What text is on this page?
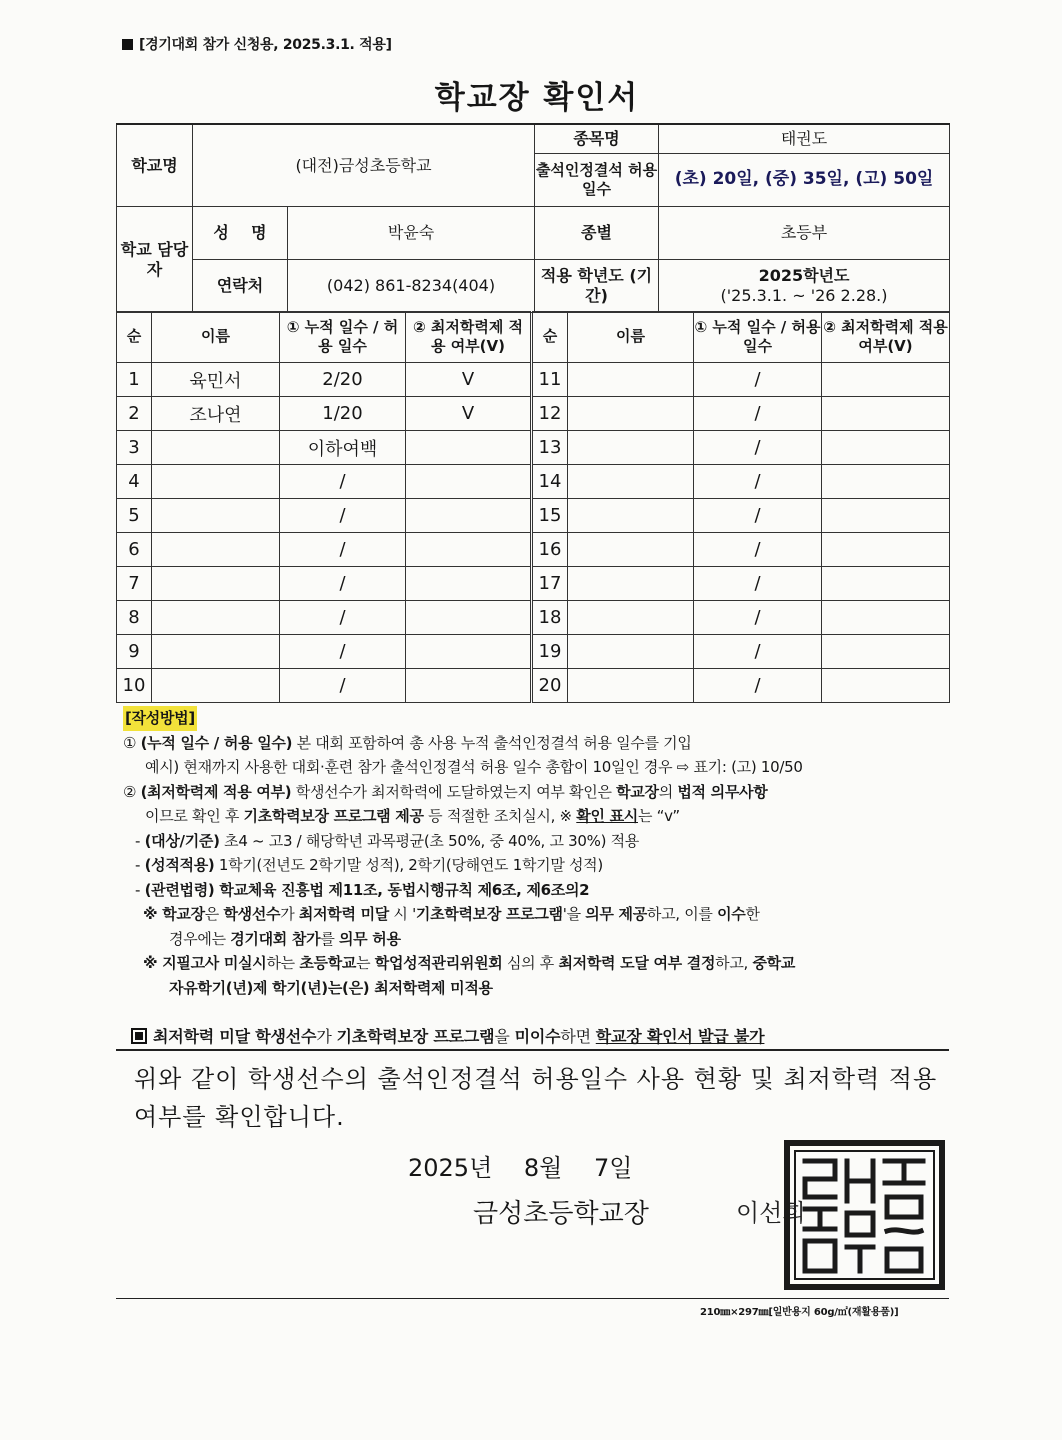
[경기대회 참가 신청용, 2025.3.1. 적용]
학교장 확인서
학교명	(대전)금성초등학교		종목명	태권도
			출석인정결석 허용 일수	(초) 20일, (중) 35일, (고) 50일
학교 담당자	성    명	박윤숙	종별	초등부
	연락처	(042) 861-8234(404)	적용 학년도 (기간)	2025학년도
('25.3.1. ~ '26 2.28.)
순	이름	① 누적 일수 / 허용 일수	② 최저학력제 적용 여부(V)	순	이름	① 누적 일수 / 허용 일수	② 최저학력제 적용 여부(V)
1	육민서	2/20	V	11		/	
2	조나연	1/20	V	12		/	
3		이하여백		13		/	
4		/		14		/	
5		/		15		/	
6		/		16		/	
7		/		17		/	
8		/		18		/	
9		/		19		/	
10		/		20		/	
[작성방법]
① (누적 일수 / 허용 일수) 본 대회 포함하여 총 사용 누적 출석인정결석 허용 일수를 기입
예시) 현재까지 사용한 대회·훈련 참가 출석인정결석 허용 일수 총합이 10일인 경우 ⇨ 표기: (고) 10/50
② (최저학력제 적용 여부) 학생선수가 최저학력에 도달하였는지 여부 확인은 학교장의 법적 의무사항
이므로 확인 후 기초학력보장 프로그램 제공 등 적절한 조치실시, ※ 확인 표시는 “v”
- (대상/기준) 초4 ~ 고3 / 해당학년 과목평균(초 50%, 중 40%, 고 30%) 적용
- (성적적용) 1학기(전년도 2학기말 성적), 2학기(당해연도 1학기말 성적)
- (관련법령) 학교체육 진흥법 제11조, 동법시행규칙 제6조, 제6조의2
※ 학교장은 학생선수가 최저학력 미달 시 '기초학력보장 프로그램'을 의무 제공하고, 이를 이수한
경우에는 경기대회 참가를 의무 허용
※ 지필고사 미실시하는 초등학교는 학업성적관리위원회 심의 후 최저학력 도달 여부 결정하고, 중학교
자유학기(년)제 학기(년)는(은) 최저학력제 미적용
최저학력 미달 학생선수가 기초학력보장 프로그램을 미이수하면 학교장 확인서 발급 불가
위와 같이 학생선수의 출석인정결석 허용일수 사용 현황 및 최저학력 적용 여부를 확인합니다.
2025년 8월 7일
금성초등학교장	이선희
210㎜×297㎜[일반용지 60g/㎡(재활용품)]
